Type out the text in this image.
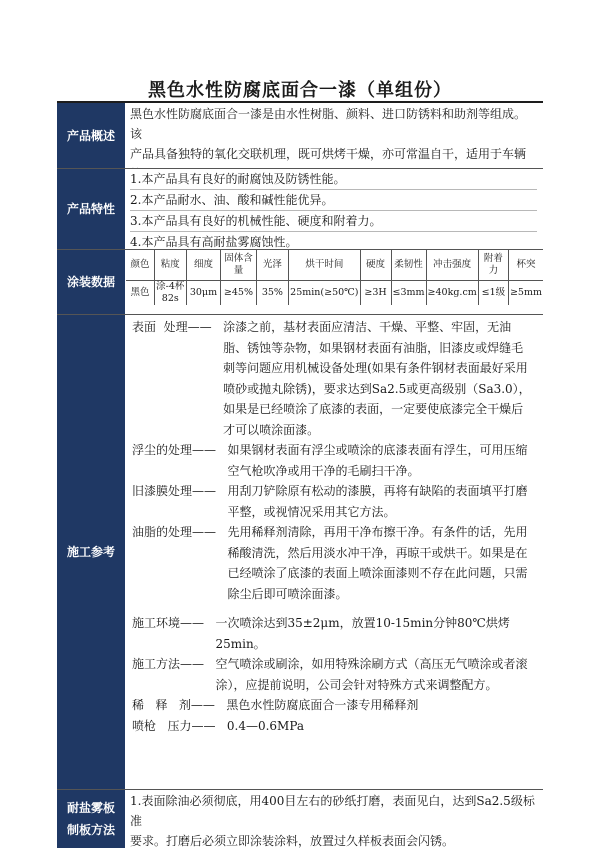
黑色水性防腐底面合一漆（单组份）
产品概述
黑色水性防腐底面合一漆是由水性树脂、颜料、进口防锈料和助剂等组成。该
产品具备独特的氧化交联机理，既可烘烤干燥，亦可常温自干，适用于车辆
产品特性
1.本产品具有良好的耐腐蚀及防锈性能。
2.本产品耐水、油、酸和碱性能优异。
3.本产品具有良好的机械性能、硬度和附着力。
4.本产品具有高耐盐雾腐蚀性。
涂装数据
颜色	粘度	细度	固体含量	光泽	烘干时间	硬度	柔韧性	冲击强度	附着力	杯突
黑色	涂-4杯82s	30μm	≥45%	35%	25min(≥50℃)	≥3H	≤3mm	≥40kg.cm	≤1级	≥5mm
施工参考
表面  处理—— 涂漆之前，基材表面应清洁、干燥、平整、牢固，无油脂、锈蚀等杂物，如果钢材表面有油脂，旧漆皮或焊缝毛刺等问题应用机械设备处理(如果有条件钢材表面最好采用喷砂或抛丸除锈)，要求达到Sa2.5或更高级别（Sa3.0），如果是已经喷涂了底漆的表面，一定要使底漆完全干燥后才可以喷涂面漆。
浮尘的处理—— 如果钢材表面有浮尘或喷涂的底漆表面有浮生，可用压缩空气枪吹净或用干净的毛刷扫干净。
旧漆膜处理—— 用刮刀铲除原有松动的漆膜，再将有缺陷的表面填平打磨平整，或视情况采用其它方法。
油脂的处理—— 先用稀释剂清除，再用干净布擦干净。有条件的话，先用稀酸清洗，然后用淡水冲干净，再晾干或烘干。如果是在已经喷涂了底漆的表面上喷涂面漆则不存在此问题，只需除尘后即可喷涂面漆。
施工环境—— 一次喷涂达到35±2μm，放置10-15min分钟80℃烘烤25min。
施工方法—— 空气喷涂或刷涂，如用特殊涂刷方式（高压无气喷涂或者滚涂），应提前说明，公司会针对特殊方式来调整配方。
稀   释   剂—— 黑色水性防腐底面合一漆专用稀释剂
喷枪   压力—— 0.4—0.6MPa
耐盐雾板
制板方法
1.表面除油必须彻底，用400目左右的砂纸打磨，表面见白，达到Sa2.5级标准
要求。打磨后必须立即涂装涂料，放置过久样板表面会闪锈。
